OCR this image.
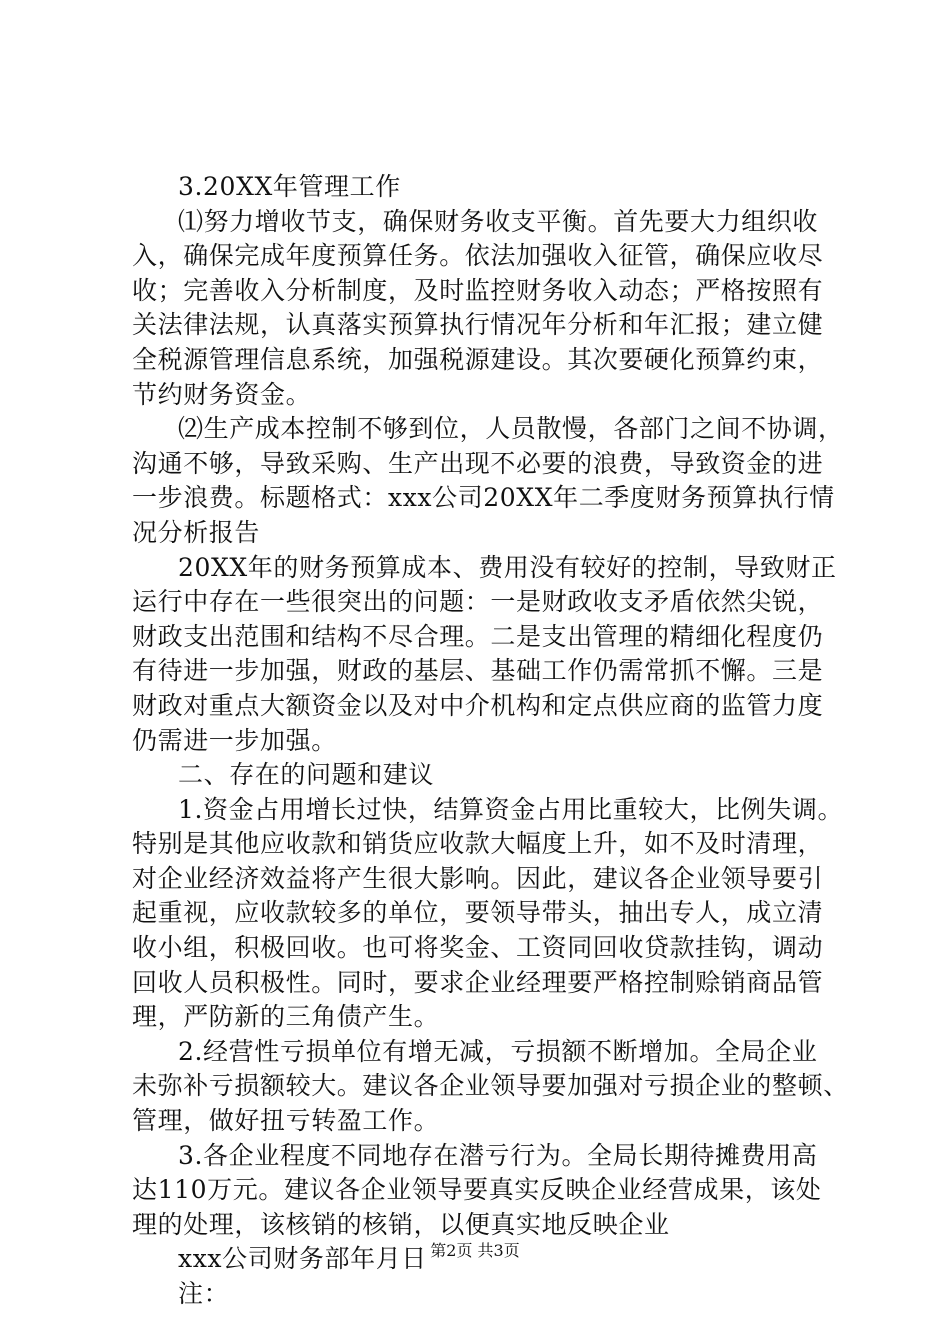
3.20XX年管理工作
⑴努力增收节支，确保财务收支平衡。首先要大力组织收
入，确保完成年度预算任务。依法加强收入征管，确保应收尽
收；完善收入分析制度，及时监控财务收入动态；严格按照有
关法律法规，认真落实预算执行情况年分析和年汇报；建立健
全税源管理信息系统，加强税源建设。其次要硬化预算约束，
节约财务资金。
⑵生产成本控制不够到位，人员散慢，各部门之间不协调，
沟通不够，导致采购、生产出现不必要的浪费，导致资金的进
一步浪费。标题格式：xxx公司20XX年二季度财务预算执行情
况分析报告
20XX年的财务预算成本、费用没有较好的控制，导致财正
运行中存在一些很突出的问题：一是财政收支矛盾依然尖锐，
财政支出范围和结构不尽合理。二是支出管理的精细化程度仍
有待进一步加强，财政的基层、基础工作仍需常抓不懈。三是
财政对重点大额资金以及对中介机构和定点供应商的监管力度
仍需进一步加强。
二、存在的问题和建议
1.资金占用增长过快，结算资金占用比重较大，比例失调。
特别是其他应收款和销货应收款大幅度上升，如不及时清理，
对企业经济效益将产生很大影响。因此，建议各企业领导要引
起重视，应收款较多的单位，要领导带头，抽出专人，成立清
收小组，积极回收。也可将奖金、工资同回收贷款挂钩，调动
回收人员积极性。同时，要求企业经理要严格控制赊销商品管
理，严防新的三角债产生。
2.经营性亏损单位有增无减，亏损额不断增加。全局企业
未弥补亏损额较大。建议各企业领导要加强对亏损企业的整顿、
管理，做好扭亏转盈工作。
3.各企业程度不同地存在潜亏行为。全局长期待摊费用高
达110万元。建议各企业领导要真实反映企业经营成果，该处
理的处理，该核销的核销，以便真实地反映企业
xxx公司财务部年月日
注：
第2页 共3页
